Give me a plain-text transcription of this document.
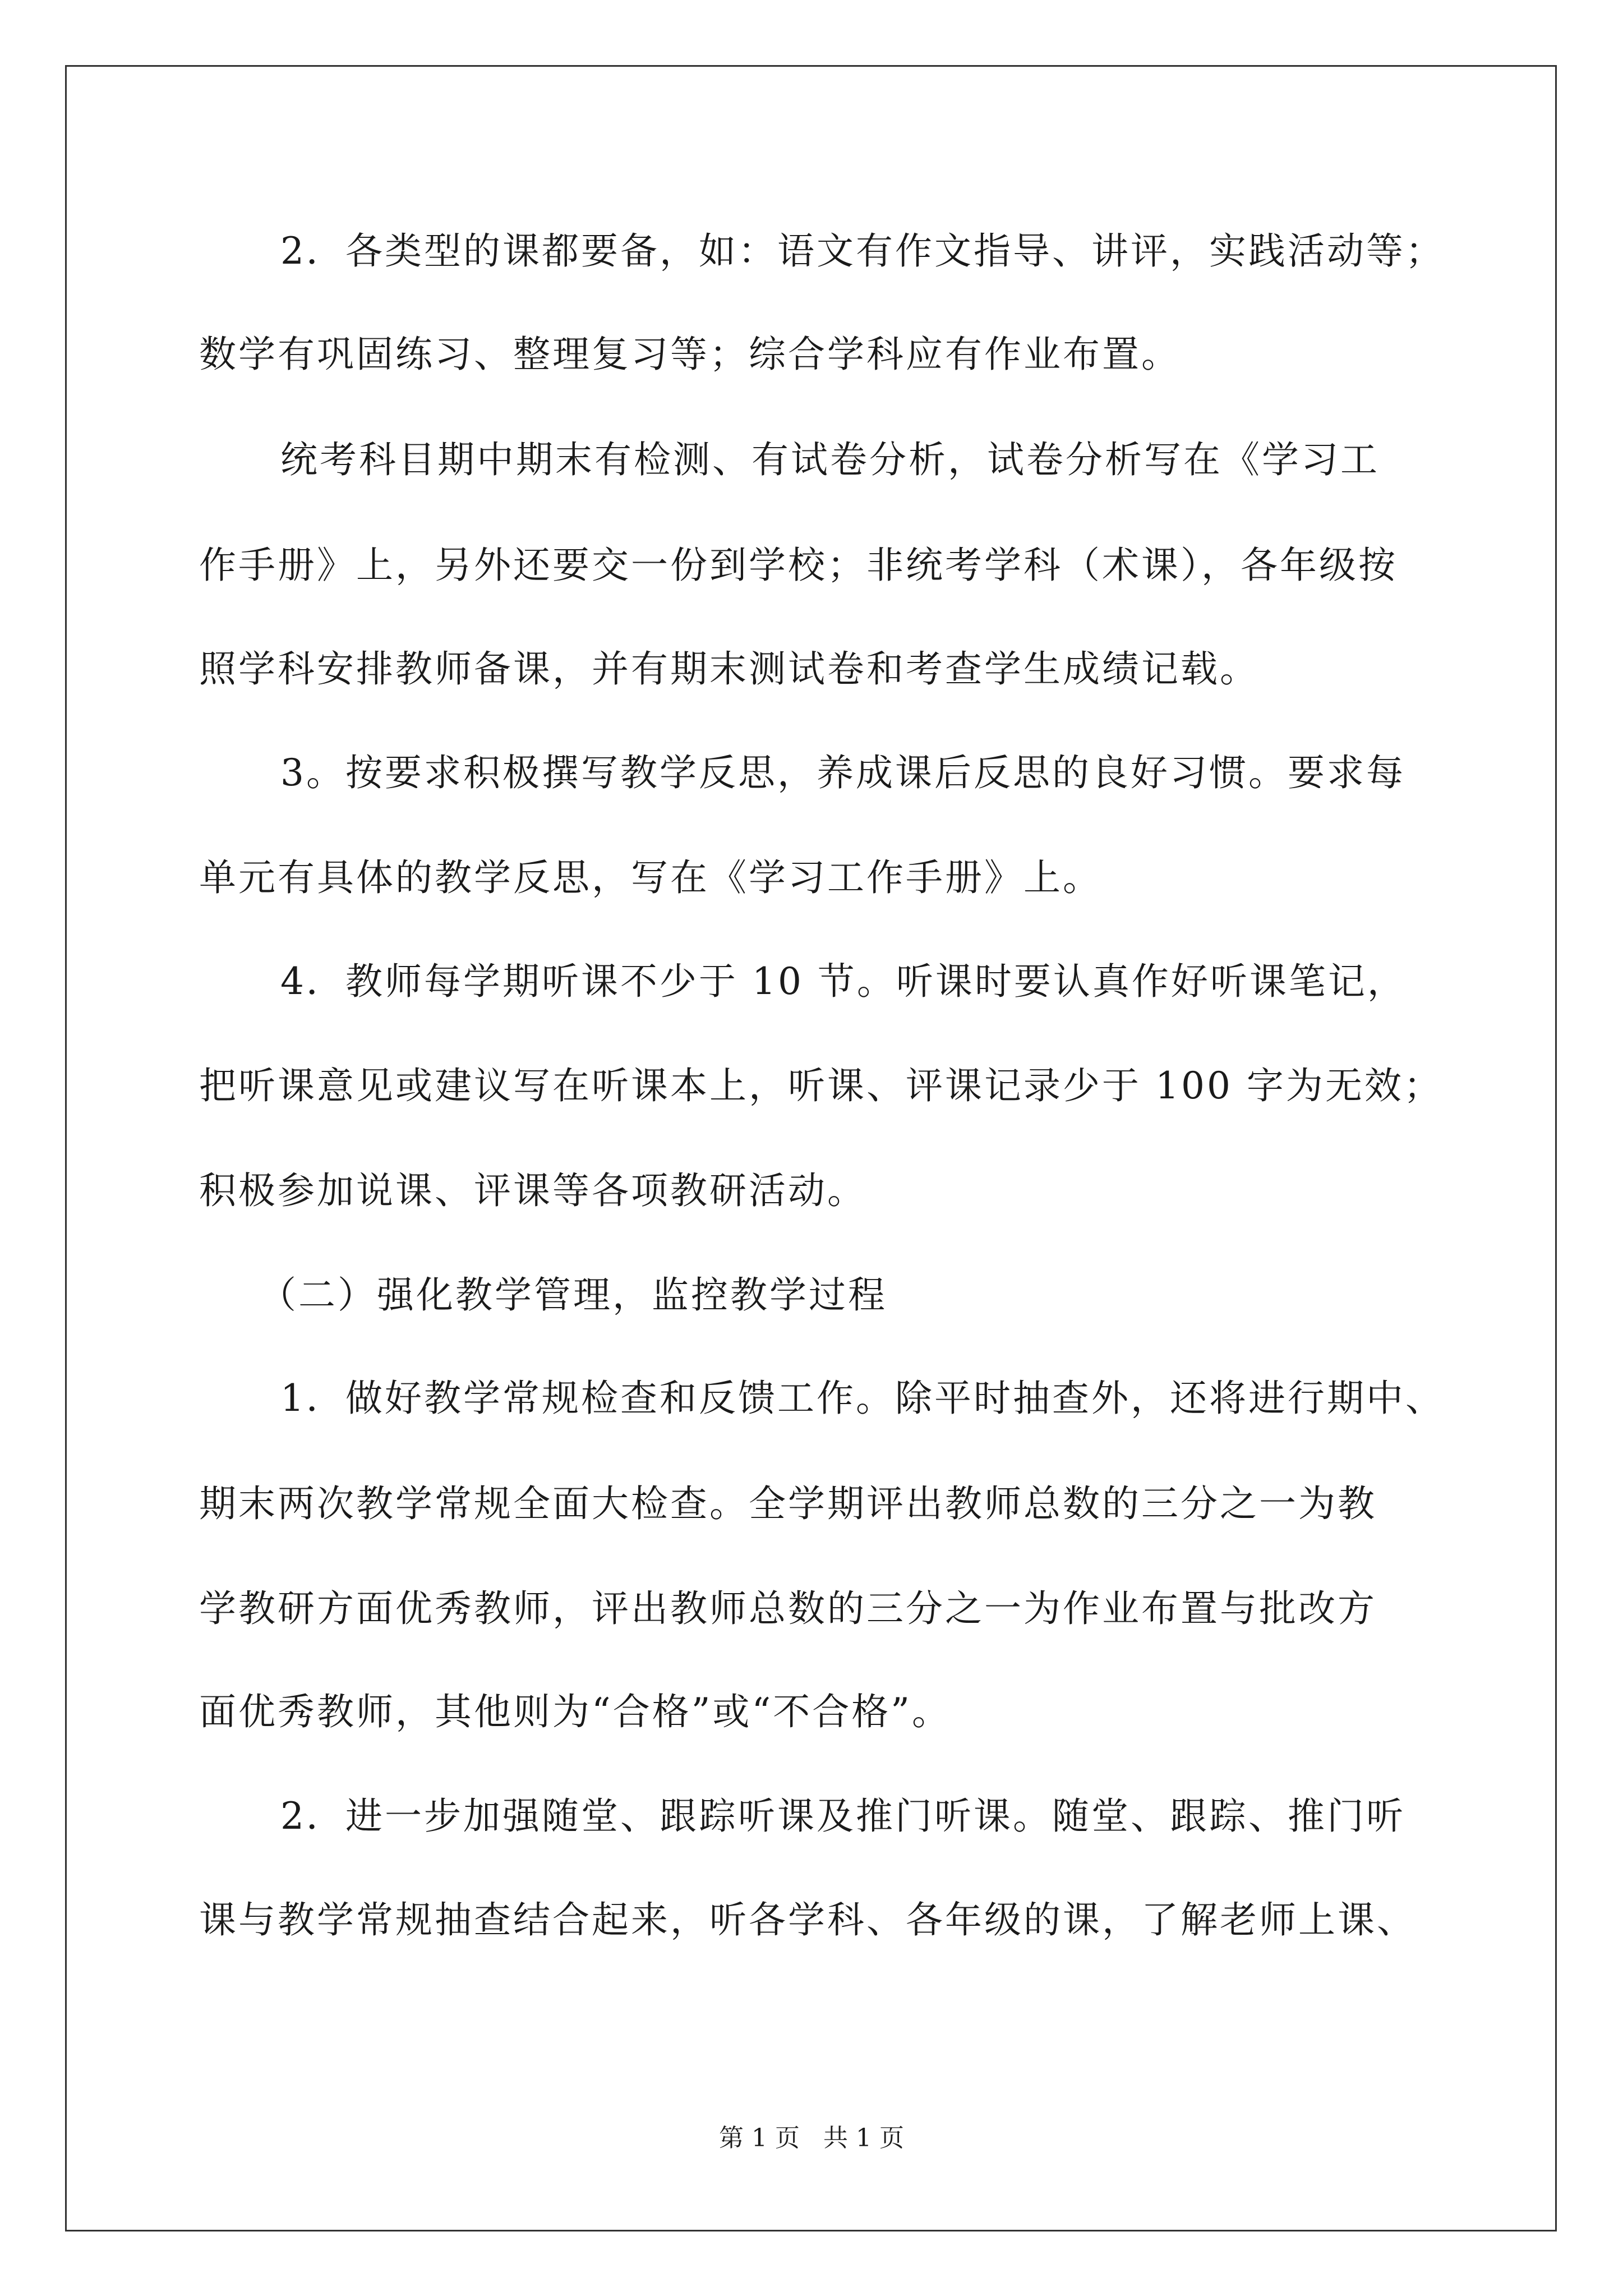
2．各类型的课都要备，如：语文有作文指导、讲评，实践活动等；
数学有巩固练习、整理复习等；综合学科应有作业布置。
统考科目期中期末有检测、有试卷分析，试卷分析写在《学习工
作手册》上，另外还要交一份到学校；非统考学科（术课），各年级按
照学科安排教师备课，并有期末测试卷和考查学生成绩记载。
3。按要求积极撰写教学反思，养成课后反思的良好习惯。要求每
单元有具体的教学反思，写在《学习工作手册》上。
4．教师每学期听课不少于 10 节。听课时要认真作好听课笔记，
把听课意见或建议写在听课本上，听课、评课记录少于 100 字为无效；
积极参加说课、评课等各项教研活动。
（二）强化教学管理，监控教学过程
1．做好教学常规检查和反馈工作。除平时抽查外，还将进行期中、
期末两次教学常规全面大检查。全学期评出教师总数的三分之一为教
学教研方面优秀教师，评出教师总数的三分之一为作业布置与批改方
面优秀教师，其他则为“合格”或“不合格”。
2．进一步加强随堂、跟踪听课及推门听课。随堂、跟踪、推门听
课与教学常规抽查结合起来，听各学科、各年级的课，了解老师上课、
第 1 页   共 1 页
